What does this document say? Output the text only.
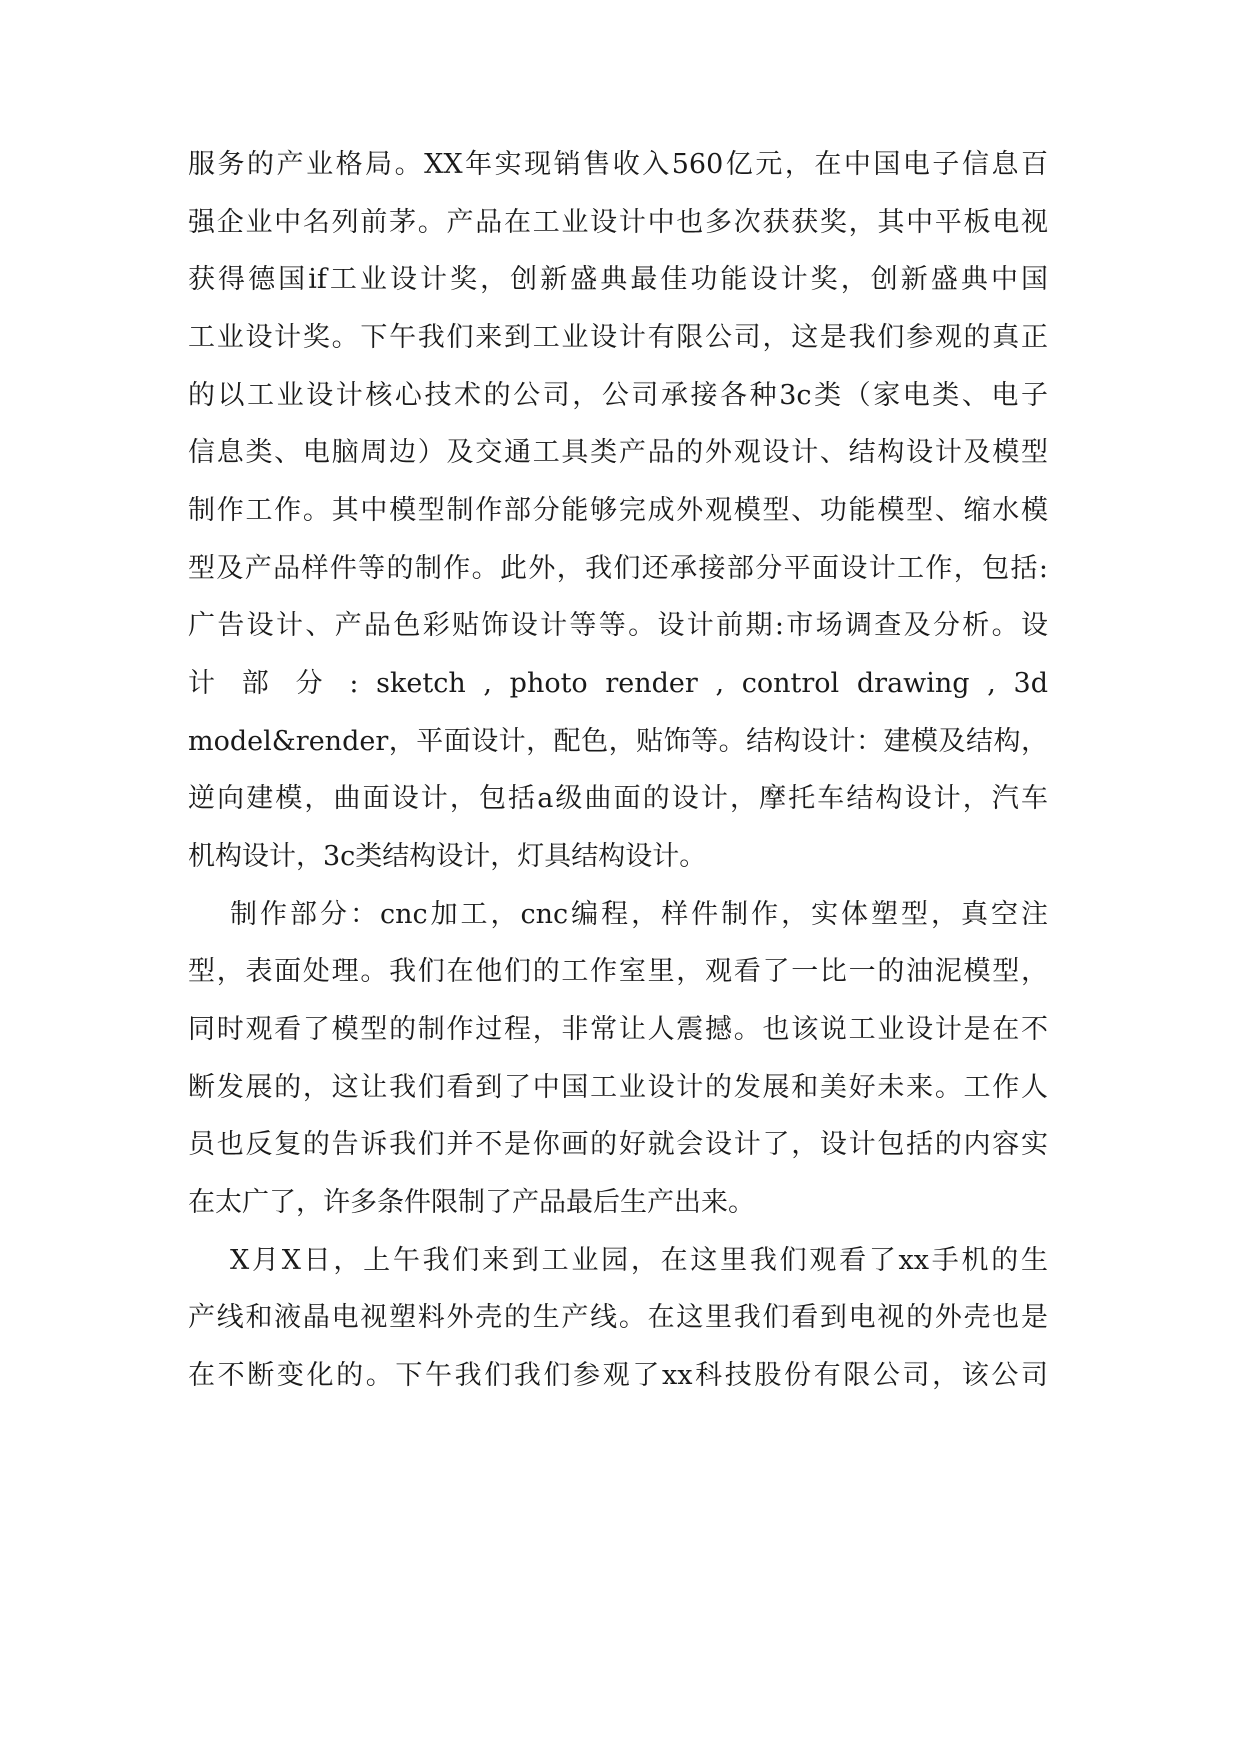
服务的产业格局。XX年实现销售收入560亿元，在中国电子信息百
强企业中名列前茅。产品在工业设计中也多次获获奖，其中平板电视
获得德国if工业设计奖，创新盛典最佳功能设计奖，创新盛典中国
工业设计奖。下午我们来到工业设计有限公司，这是我们参观的真正
的以工业设计核心技术的公司，公司承接各种3c类（家电类、电子
信息类、电脑周边）及交通工具类产品的外观设计、结构设计及模型
制作工作。其中模型制作部分能够完成外观模型、功能模型、缩水模
型及产品样件等的制作。此外，我们还承接部分平面设计工作，包括:
广告设计、产品色彩贴饰设计等等。设计前期:市场调查及分析。设
计 部 分 : sketch , photo render , control drawing , 3d
model&render，平面设计，配色，贴饰等。结构设计：建模及结构，
逆向建模，曲面设计，包括a级曲面的设计，摩托车结构设计，汽车
机构设计，3c类结构设计，灯具结构设计。
制作部分：cnc加工，cnc编程，样件制作，实体塑型，真空注
型，表面处理。我们在他们的工作室里，观看了一比一的油泥模型，
同时观看了模型的制作过程，非常让人震撼。也该说工业设计是在不
断发展的，这让我们看到了中国工业设计的发展和美好未来。工作人
员也反复的告诉我们并不是你画的好就会设计了，设计包括的内容实
在太广了，许多条件限制了产品最后生产出来。
X月X日，上午我们来到工业园，在这里我们观看了xx手机的生
产线和液晶电视塑料外壳的生产线。在这里我们看到电视的外壳也是
在不断变化的。下午我们我们参观了xx科技股份有限公司，该公司
